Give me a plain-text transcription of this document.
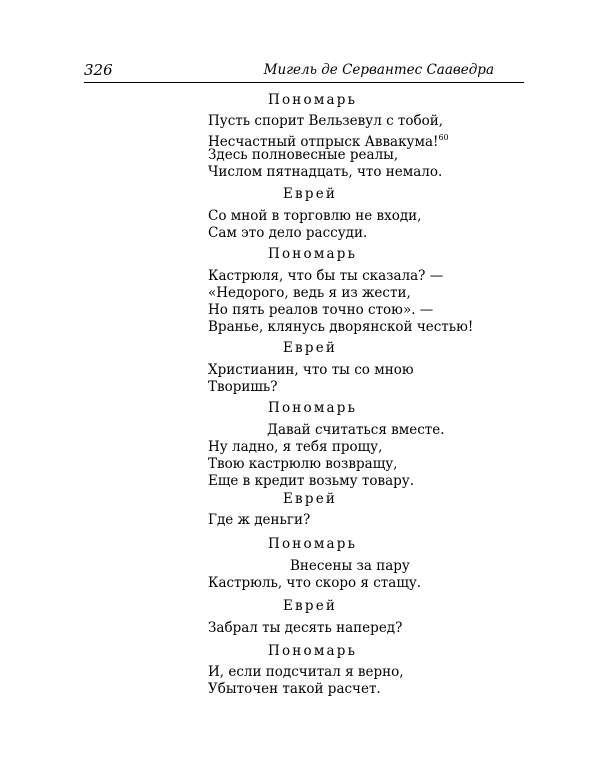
326	Мигель де Сервантес Сааведра
Пономарь
Пусть спорит Вельзевул с тобой,
Несчастный отпрыск Аввакума!$^{60}$
Здесь полновесные реалы,
Числом пятнадцать, что немало.
Еврей
Со мной в торговлю не входи,
Сам это дело рассуди.
Пономарь
Кастрюля, что бы ты сказала? —
«Недорого, ведь я из жести,
Но пять реалов точно стою». —
Вранье, клянусь дворянской честью!
Еврей
Христианин, что ты со мною
Творишь?
Пономарь
Давай считаться вместе.
Ну ладно, я тебя прощу,
Твою кастрюлю возвращу,
Еще в кредит возьму товару.
Еврей
Где ж деньги?
Пономарь
Внесены за пару
Кастрюль, что скоро я стащу.
Еврей
Забрал ты десять наперед?
Пономарь
И, если подсчитал я верно,
Убыточен такой расчет.
